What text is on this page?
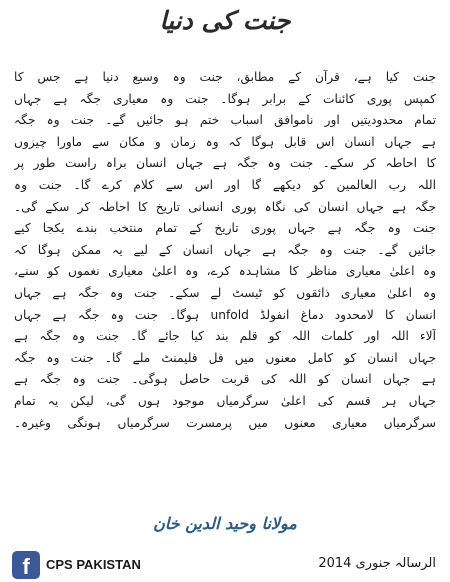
جنت کی دنیا
جنت کیا ہے، قرآن کے مطابق، جنت وہ وسیع دنیا ہے جس کا
کمپس پوری کائنات کے برابر ہوگا۔ جنت وہ معیاری جگہ ہے جہاں
تمام محدودیتیں اور ناموافق اسباب ختم ہو جائیں گے۔ جنت وہ جگہ
ہے جہاں انسان اس قابل ہوگا کہ وہ زمان و مکان سے ماورا چیزوں
کا احاطہ کر سکے۔ جنت وہ جگہ ہے جہاں انسان براہ راست طور پر
اللہ رب العالمین کو دیکھے گا اور اس سے کلام کرے گا۔ جنت وہ
جگہ ہے جہاں انسان کی نگاہ پوری انسانی تاریخ کا احاطہ کر سکے گی۔
جنت وہ جگہ ہے جہاں پوری تاریخ کے تمام منتخب بندے یکجا کیے
جائیں گے۔ جنت وہ جگہ ہے جہاں انسان کے لیے یہ ممکن ہوگا کہ
وہ اعلیٰ معیاری مناظر کا مشاہدہ کرے، وہ اعلیٰ معیاری نغموں کو سنے،
وہ اعلیٰ معیاری ذائقوں کو ٹیسٹ لے سکے۔ جنت وہ جگہ ہے جہاں
انسان کا لامحدود دماغ انفولڈ unfold ہوگا۔ جنت وہ جگہ ہے جہاں
آلاء اللہ اور کلمات اللہ کو قلم بند کیا جائے گا۔ جنت وہ جگہ ہے
جہاں انسان کو کامل معنوں میں فل فلیمنٹ ملے گا۔ جنت وہ جگہ
ہے جہاں انسان کو اللہ کی قربت حاصل ہوگی۔ جنت وہ جگہ ہے
جہاں ہر قسم کی اعلیٰ سرگرمیاں موجود ہوں گی، لیکن یہ تمام
سرگرمیاں معیاری معنوں میں پرمسرت سرگرمیاں ہونگی وغیرہ۔
مولانا وحید الدین خان
f	CPS PAKISTAN	الرسالہ جنوری 2014
